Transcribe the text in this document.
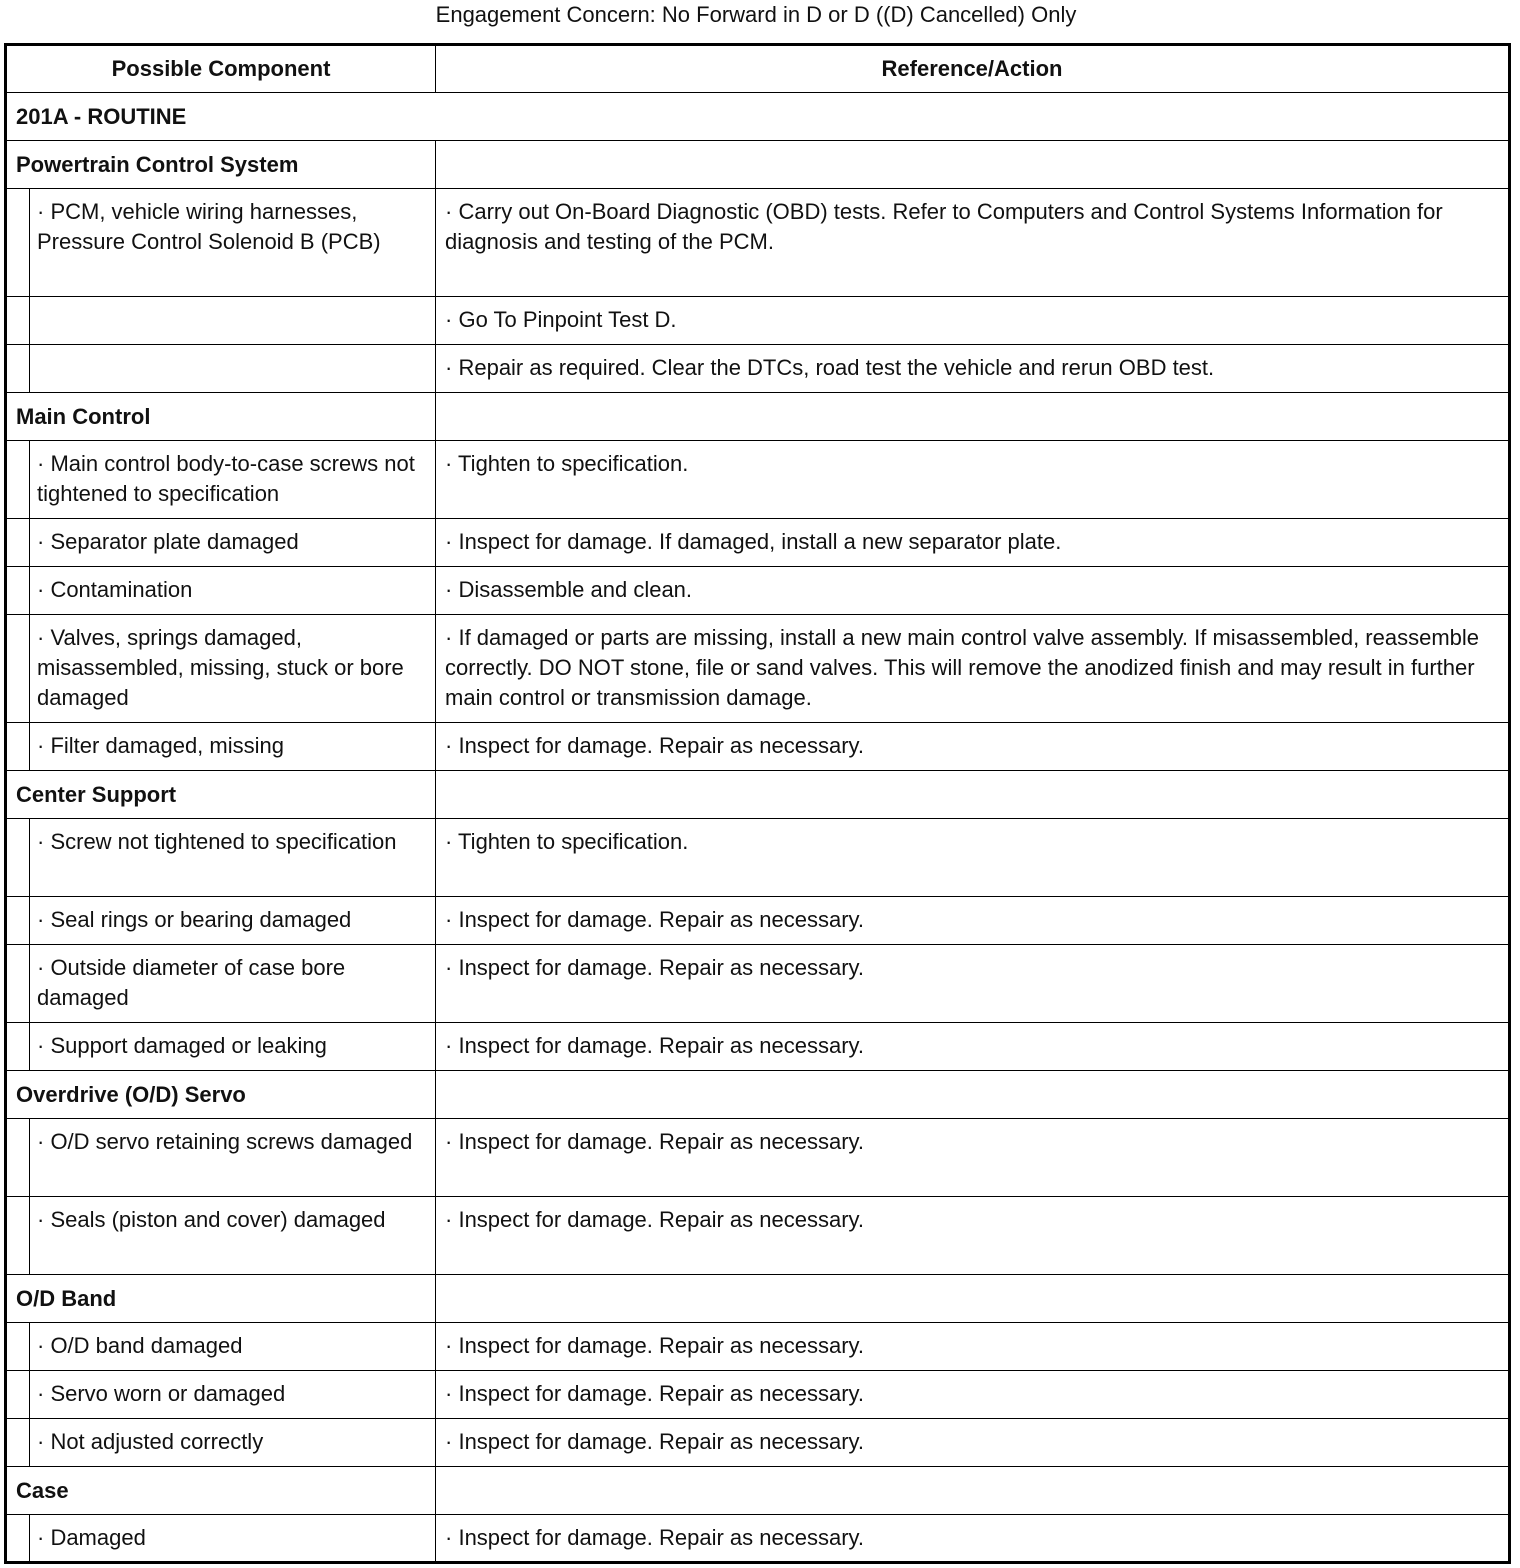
Engagement Concern: No Forward in D or D ((D) Cancelled) Only
Possible Component		Reference/Action
201A - ROUTINE		
Powertrain Control System		
	· PCM, vehicle wiring harnesses, Pressure Control Solenoid B (PCB)	· Carry out On-Board Diagnostic (OBD) tests. Refer to Computers and Control Systems Information for diagnosis and testing of the PCM.
		· Go To Pinpoint Test D.
		· Repair as required. Clear the DTCs, road test the vehicle and rerun OBD test.
Main Control		
	· Main control body-to-case screws not tightened to specification	· Tighten to specification.
	· Separator plate damaged	· Inspect for damage. If damaged, install a new separator plate.
	· Contamination	· Disassemble and clean.
	· Valves, springs damaged, misassembled, missing, stuck or bore damaged	· If damaged or parts are missing, install a new main control valve assembly. If misassembled, reassemble correctly. DO NOT stone, file or sand valves. This will remove the anodized finish and may result in further main control or transmission damage.
	· Filter damaged, missing	· Inspect for damage. Repair as necessary.
Center Support		
	· Screw not tightened to specification	· Tighten to specification.
	· Seal rings or bearing damaged	· Inspect for damage. Repair as necessary.
	· Outside diameter of case bore damaged	· Inspect for damage. Repair as necessary.
	· Support damaged or leaking	· Inspect for damage. Repair as necessary.
Overdrive (O/D) Servo		
	· O/D servo retaining screws damaged	· Inspect for damage. Repair as necessary.
	· Seals (piston and cover) damaged	· Inspect for damage. Repair as necessary.
O/D Band		
	· O/D band damaged	· Inspect for damage. Repair as necessary.
	· Servo worn or damaged	· Inspect for damage. Repair as necessary.
	· Not adjusted correctly	· Inspect for damage. Repair as necessary.
Case		
	· Damaged	· Inspect for damage. Repair as necessary.
